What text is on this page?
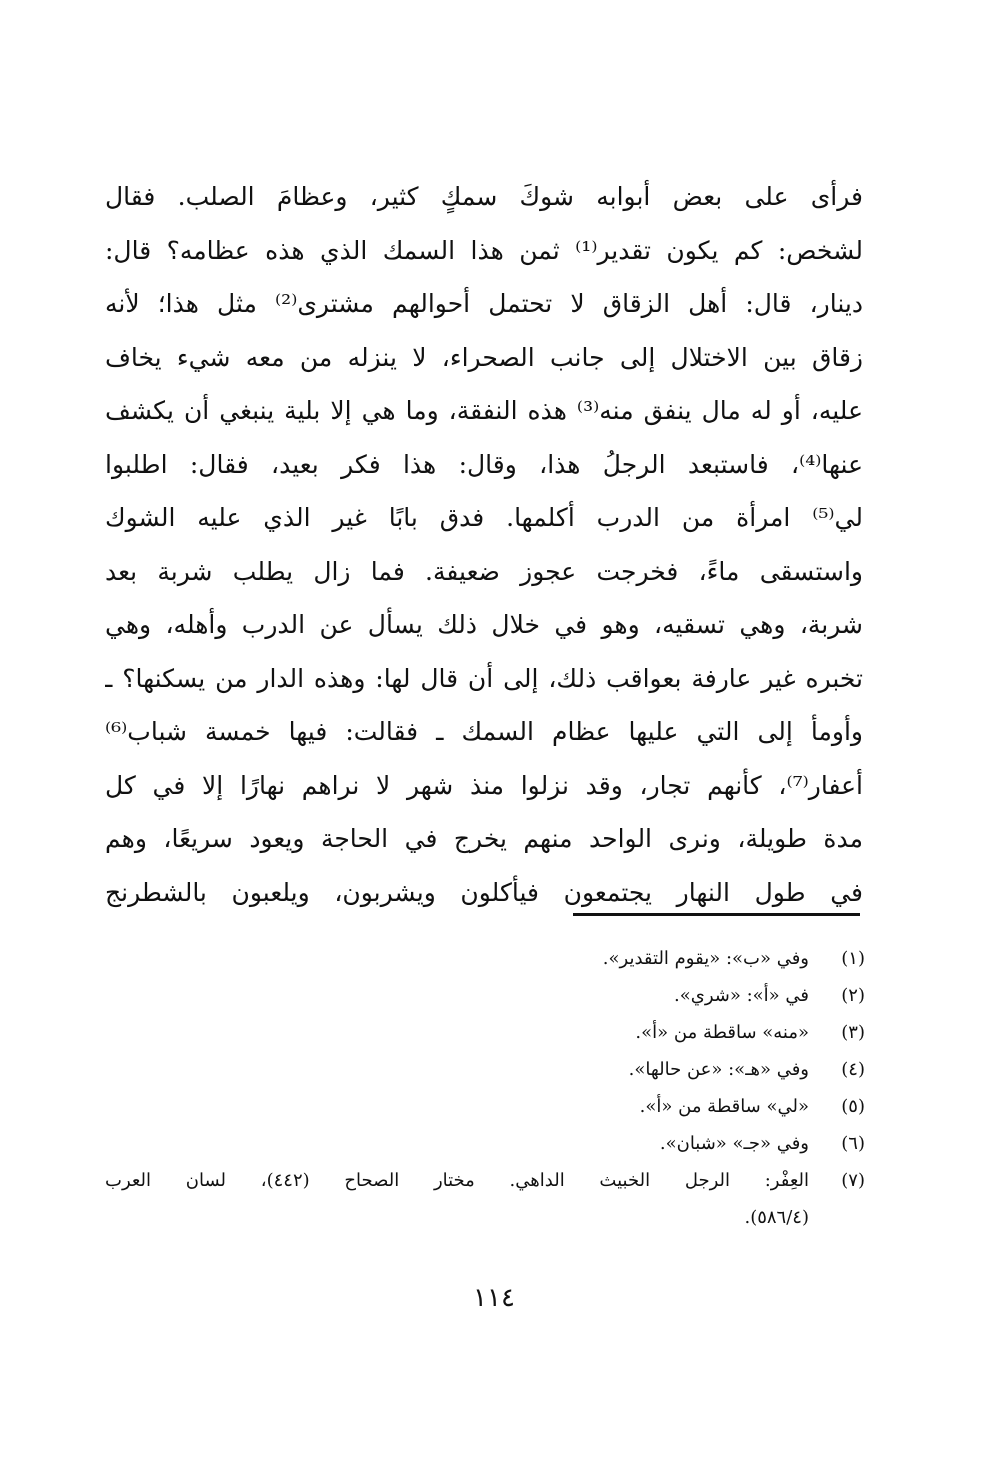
فرأى على بعض أبوابه شوكَ سمكٍ كثير، وعظامَ الصلب. فقال
لشخص: كم يكون تقدير⁽¹⁾ ثمن هذا السمك الذي هذه عظامه؟ قال:
دينار، قال: أهل الزقاق لا تحتمل أحوالهم مشترى⁽²⁾ مثل هذا؛ لأنه
زقاق بين الاختلال إلى جانب الصحراء، لا ينزله من معه شيء يخاف
عليه، أو له مال ينفق منه⁽³⁾ هذه النفقة، وما هي إلا بلية ينبغي أن يكشف
عنها⁽⁴⁾، فاستبعد الرجلُ هذا، وقال: هذا فكر بعيد، فقال: اطلبوا
لي⁽⁵⁾ امرأة من الدرب أكلمها. فدق بابًا غير الذي عليه الشوك
واستسقى ماءً، فخرجت عجوز ضعيفة. فما زال يطلب شربة بعد
شربة، وهي تسقيه، وهو في خلال ذلك يسأل عن الدرب وأهله، وهي
تخبره غير عارفة بعواقب ذلك، إلى أن قال لها: وهذه الدار من يسكنها؟ ـ
وأومأ إلى التي عليها عظام السمك ـ فقالت: فيها خمسة شباب⁽⁶⁾
أعفار⁽⁷⁾، كأنهم تجار، وقد نزلوا منذ شهر لا نراهم نهارًا إلا في كل
مدة طويلة، ونرى الواحد منهم يخرج في الحاجة ويعود سريعًا، وهم
في طول النهار يجتمعون فيأكلون ويشربون، ويلعبون بالشطرنج
(١)
وفي «ب»: «يقوم التقدير».
(٢)
في «أ»: «شري».
(٣)
«منه» ساقطة من «أ».
(٤)
وفي «هـ»: «عن حالها».
(٥)
«لي» ساقطة من «أ».
(٦)
وفي «جـ» «شبان».
(٧)
العِفْر: الرجل الخبيث الداهي. مختار الصحاح (٤٤٢)، لسان العرب
(٥٨٦/٤).
١١٤
